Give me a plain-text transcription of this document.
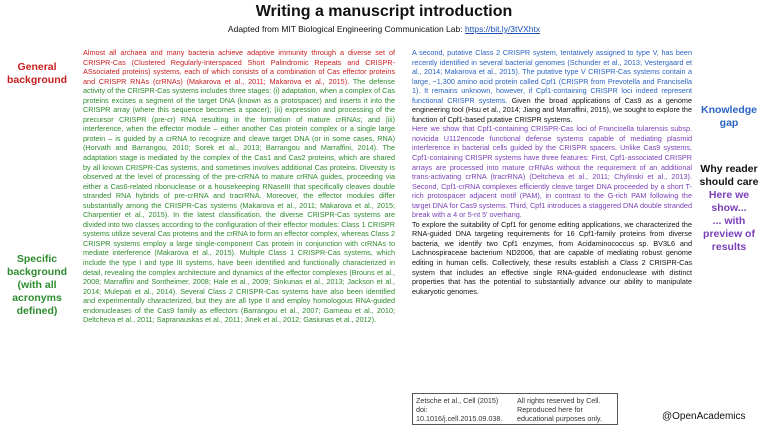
Writing a manuscript introduction
Adapted from MIT Biological Engineering Communication Lab: https://bit.ly/3tVXhtx
General
background
Specific
background
(with all
acronyms
defined)
Knowledge
gap
Why reader
should care
Here we
show...
... with
preview of
results

Almost all archaea and many bacteria achieve adaptive immunity through a diverse set of CRISPR-Cas (Clustered Regularly-Interspaced Short Palindromic Repeats and CRISPR-ASsociated proteins) systems, each of which consists of a combination of Cas effector proteins and CRISPR RNAs (crRNAs) (Makarova et al., 2011; Makarova et al., 2015). The defense activity of the CRISPR-Cas systems includes three stages: (i) adaptation, when a complex of Cas proteins excises a segment of the target DNA (known as a protospacer) and inserts it into the CRISPR array (where this sequence becomes a spacer); (ii) expression and processing of the precursor CRISPR (pre-cr) RNA resulting in the formation of mature crRNAs; and (iii) interference, when the effector module – either another Cas protein complex or a single large protein – is guided by a crRNA to recognize and cleave target DNA (or in some cases, RNA) (Horvath and Barrangou, 2010; Sorek et al., 2013; Barrangou and Marraffini, 2014). The adaptation stage is mediated by the complex of the Cas1 and Cas2 proteins, which are shared by all known CRISPR-Cas systems, and sometimes involves additional Cas proteins. Diversity is observed at the level of processing of the pre-crRNA to mature crRNA guides, proceeding via either a Cas6-related ribonuclease or a housekeeping RNaseIII that specifically cleaves double stranded RNA hybrids of pre-crRNA and tracrRNA. Moreover, the effector modules differ substantially among the CRISPR-Cas systems (Makarova et al., 2011; Makarova et al., 2015; Charpentier et al., 2015). In the latest classification, the diverse CRISPR-Cas systems are divided into two classes according to the configuration of their effector modules: Class 1 CRISPR systems utilize several Cas proteins and the crRNA to form an effector complex, whereas Class 2 CRISPR systems employ a large single-component Cas protein in conjunction with crRNAs to mediate interference (Makarova et al., 2015). Multiple Class 1 CRISPR-Cas systems, which include the type I and type III systems, have been identified and functionally characterized in detail, revealing the complex architecture and dynamics of the effector complexes (Brouns et al., 2008; Marraffini and Sontheimer, 2008; Hale et al., 2009; Sinkunas et al., 2013; Jackson et al., 2014; Mulepati et al., 2014). Several Class 2 CRISPR-Cas systems have also been identified and experimentally characterized, but they are all type II and employ homologous RNA-guided endonucleases of the Cas9 family as effectors (Barrangou et al., 2007; Garneau et al., 2010; Deltcheva et al., 2011; Sapranauskas et al., 2011; Jinek et al., 2012; Gasiunas et al., 2012).

A second, putative Class 2 CRISPR system, tentatively assigned to type V, has been recently identified in several bacterial genomes (Schunder et al., 2013; Vestergaard et al., 2014; Makarova et al., 2015). The putative type V CRISPR-Cas systems contain a large, ~1,300 amino acid protein called Cpf1 (CRISPR from Prevotella and Francisella 1). It remains unknown, however, if Cpf1-containing CRISPR loci indeed represent functional CRISPR systems. Given the broad applications of Cas9 as a genome engineering tool (Hsu et al., 2014; Jiang and Marraffini, 2015), we sought to explore the function of Cpf1-based putative CRISPR systems.

Here we show that Cpf1-containing CRISPR-Cas loci of Francisella tularensis subsp. novicida U112encode functional defense systems capable of mediating plasmid interference in bacterial cells guided by the CRISPR spacers. Unlike Cas9 systems, Cpf1-containing CRISPR systems have three features: First, Cpf1-associated CRISPR arrays are processed into mature crRNAs without the requirement of an additional trans-activating crRNA (tracrRNA) (Deltcheva et al., 2011; Chylinski et al., 2013). Second, Cpf1-crRNA complexes efficiently cleave target DNA proceeded by a short T-rich protospacer adjacent motif (PAM), in contrast to the G-rich PAM following the target DNA for Cas9 systems. Third, Cpf1 introduces a staggered DNA double stranded break with a 4 or 5-nt 5' overhang.

To explore the suitability of Cpf1 for genome editing applications, we characterized the RNA-guided DNA targeting requirements for 16 Cpf1-family proteins from diverse bacteria, we identify two Cpf1 enzymes, from Acidaminococcus sp. BV3L6 and Lachnospiraceae bacterium ND2006, that are capable of mediating robust genome editing in human cells. Collectively, these results establish a Class 2 CRISPR-Cas system that includes an effective single RNA-guided endonuclease with distinct properties that has the potential to substantially advance our ability to manipulate eukaryotic genomes.

Zetsche et al., Cell (2015)
doi: 10.1016/j.cell.2015.09.038.
All rights reserved by Cell.
Reproduced here for
educational purposes only.	@OpenAcademics
